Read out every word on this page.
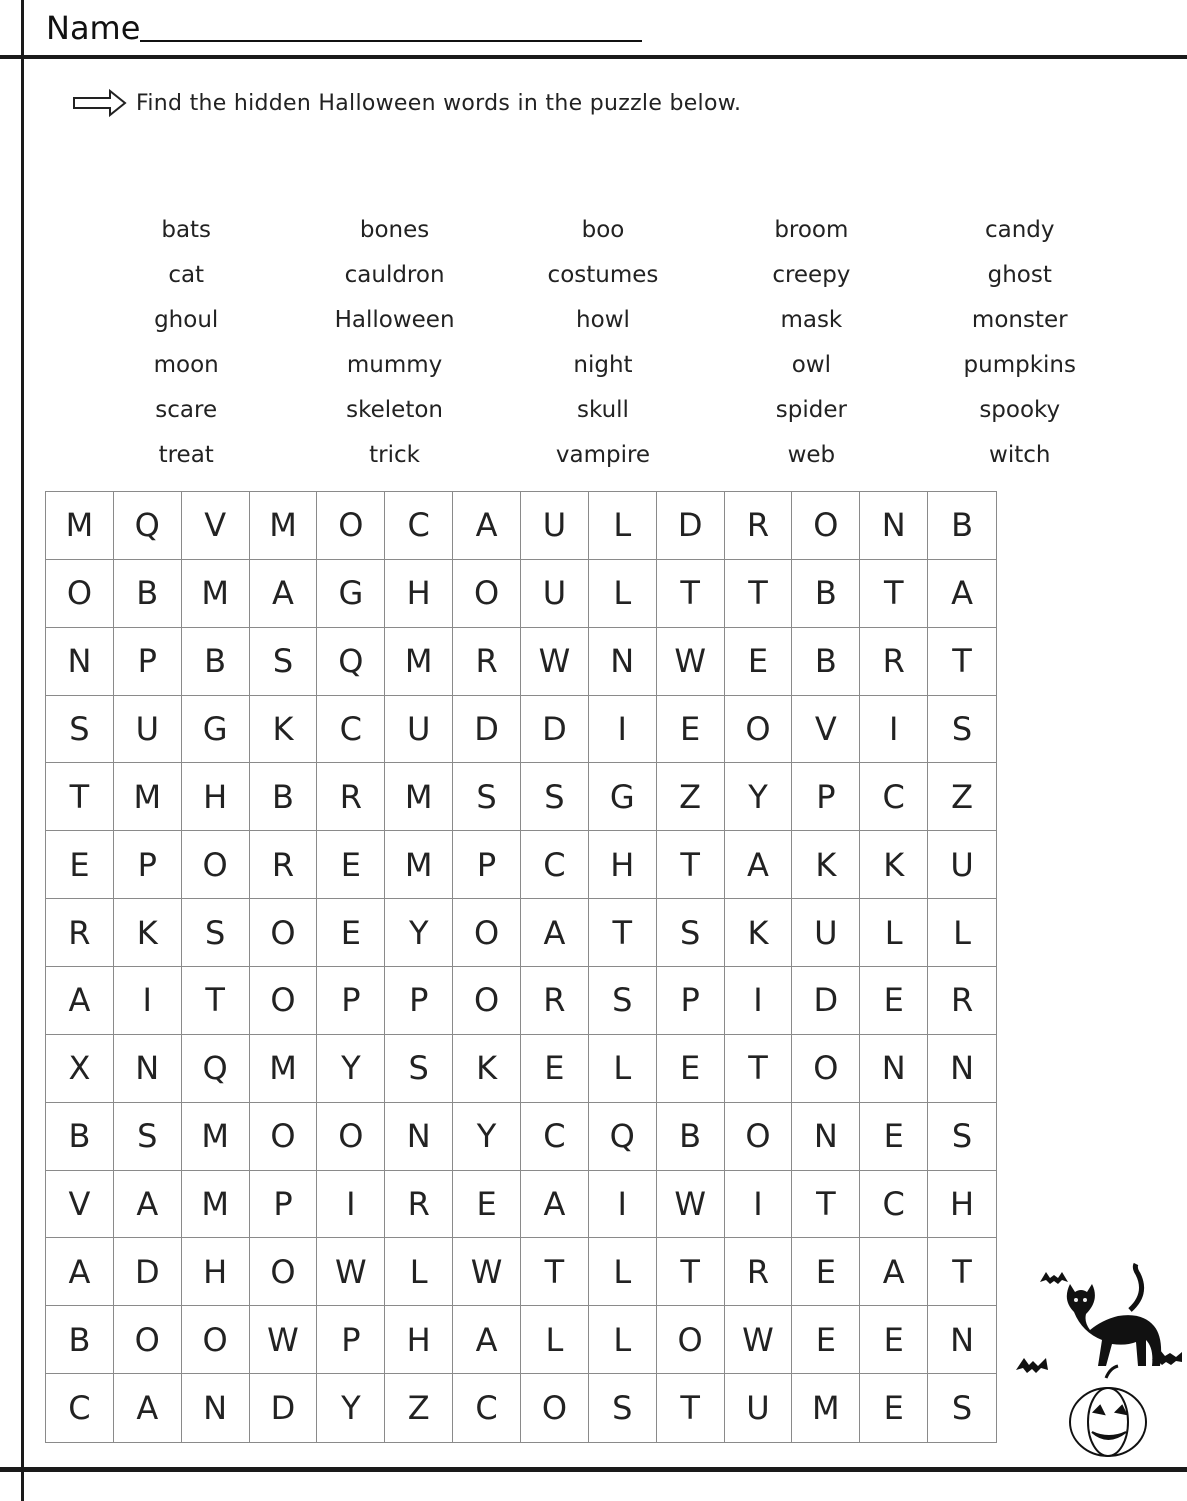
Name
Find the hidden Halloween words in the puzzle below.
bats	bones	boo	broom	candy
cat	cauldron	costumes	creepy	ghost
ghoul	Halloween	howl	mask	monster
moon	mummy	night	owl	pumpkins
scare	skeleton	skull	spider	spooky
treat	trick	vampire	web	witch
M	Q	V	M	O	C	A	U	L	D	R	O	N	B
O	B	M	A	G	H	O	U	L	T	T	B	T	A
N	P	B	S	Q	M	R	W	N	W	E	B	R	T
S	U	G	K	C	U	D	D	I	E	O	V	I	S
T	M	H	B	R	M	S	S	G	Z	Y	P	C	Z
E	P	O	R	E	M	P	C	H	T	A	K	K	U
R	K	S	O	E	Y	O	A	T	S	K	U	L	L
A	I	T	O	P	P	O	R	S	P	I	D	E	R
X	N	Q	M	Y	S	K	E	L	E	T	O	N	N
B	S	M	O	O	N	Y	C	Q	B	O	N	E	S
V	A	M	P	I	R	E	A	I	W	I	T	C	H
A	D	H	O	W	L	W	T	L	T	R	E	A	T
B	O	O	W	P	H	A	L	L	O	W	E	E	N
C	A	N	D	Y	Z	C	O	S	T	U	M	E	S
